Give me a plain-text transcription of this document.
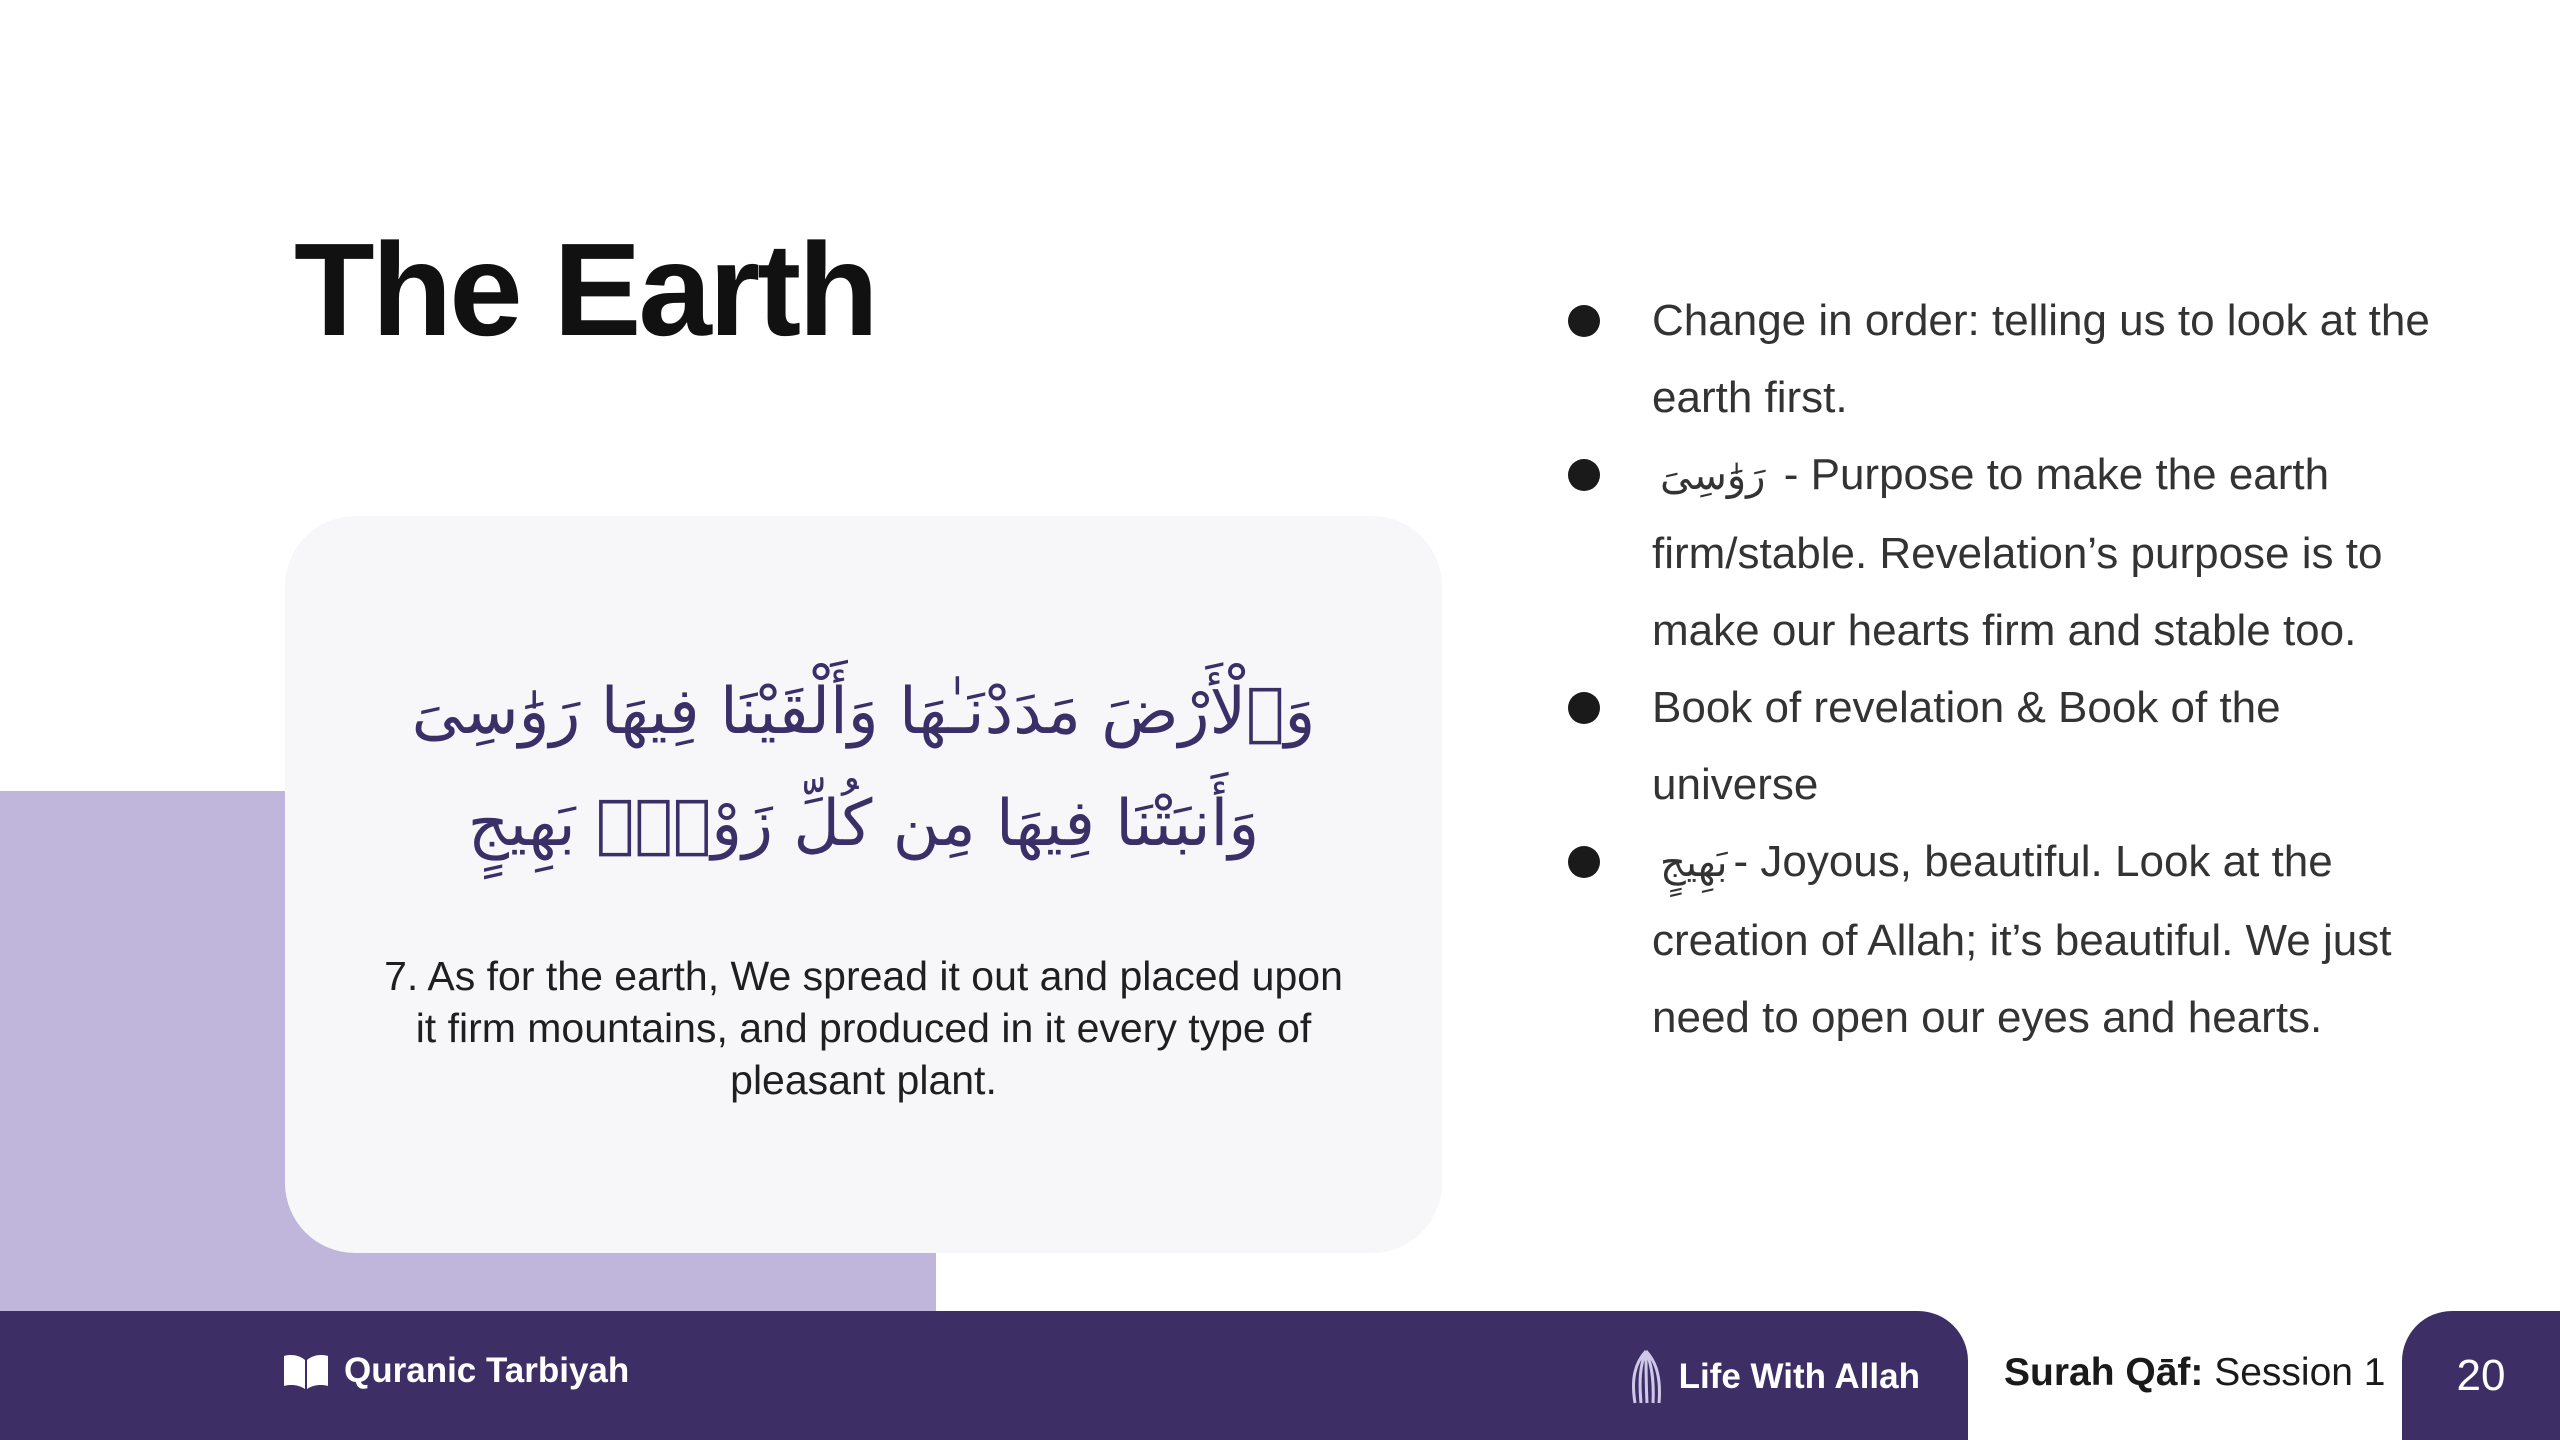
The Earth

وَٱلْأَرْضَ مَدَدْنَـٰهَا وَأَلْقَيْنَا فِيهَا رَوَٰسِىَ وَأَنبَتْنَا فِيهَا مِن كُلِّ زَوْجٍۭ بَهِيجٍ

7. As for the earth, We spread it out and placed upon it firm mountains, and produced in it every type of pleasant plant.

Change in order: telling us to look at the earth first.
رَوَٰسِىَ - Purpose to make the earth firm/stable. Revelation’s purpose is to make our hearts firm and stable too.
Book of revelation & Book of the universe
بَهِيجٍ - Joyous, beautiful. Look at the creation of Allah; it’s beautiful. We just need to open our eyes and hearts.
Quranic Tarbiyah	Life With Allah Surah Qāf: Session 1 20
